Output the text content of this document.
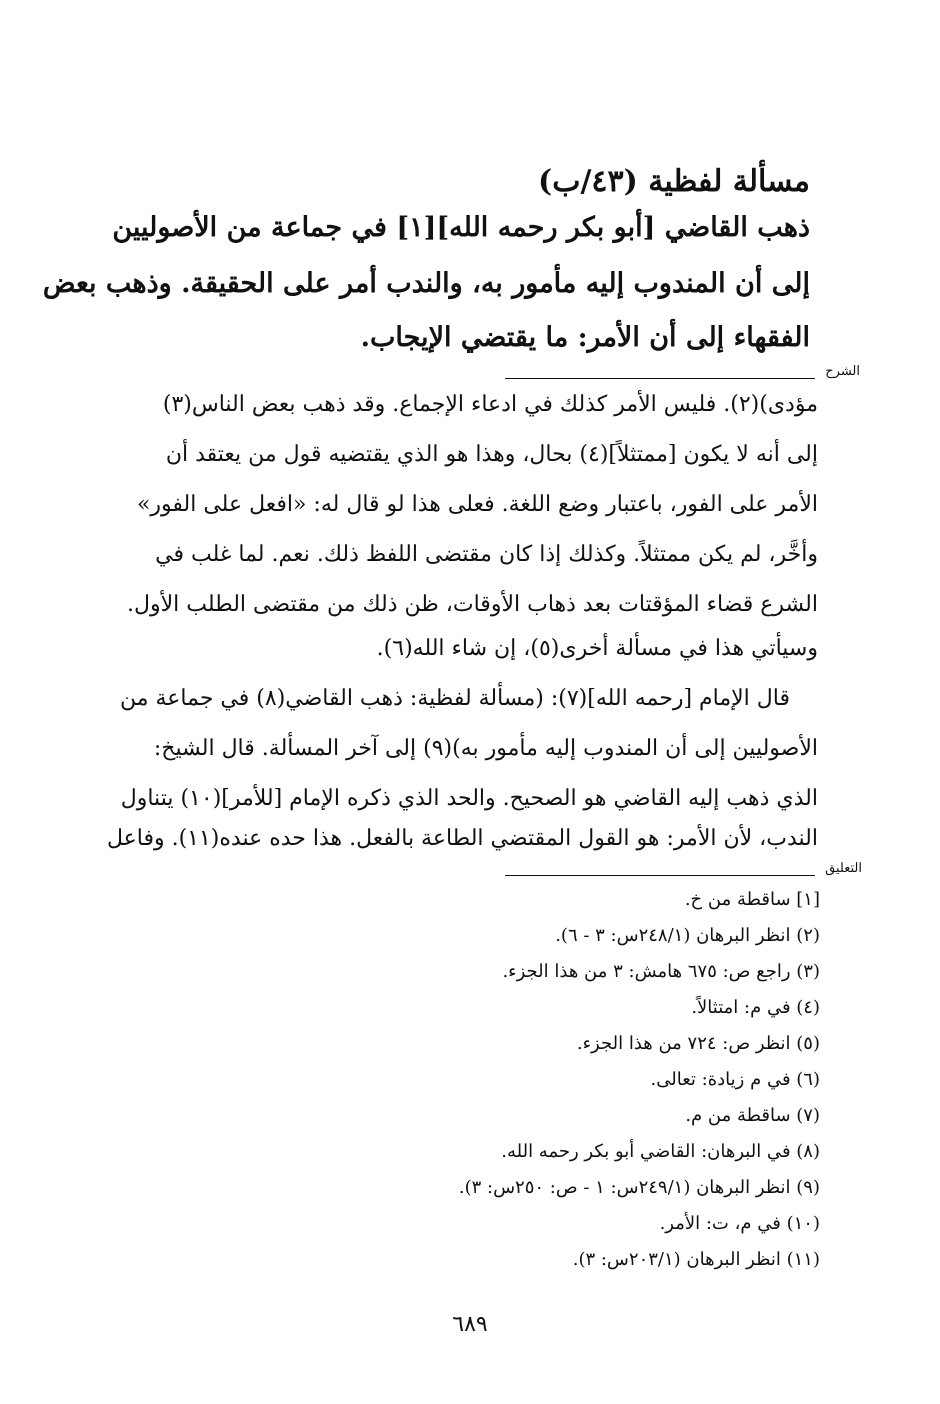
مسألة لفظية (٤٣/ب)
ذهب القاضي [أبو بكر رحمه الله][١] في جماعة من الأصوليين
إلى أن المندوب إليه مأمور به، والندب أمر على الحقيقة. وذهب بعض
الفقهاء إلى أن الأمر: ما يقتضي الإيجاب.
الشرح
مؤدى)(٢). فليس الأمر كذلك في ادعاء الإجماع. وقد ذهب بعض الناس(٣)
إلى أنه لا يكون [ممتثلاً](٤) بحال، وهذا هو الذي يقتضيه قول من يعتقد أن
الأمر على الفور، باعتبار وضع اللغة. فعلى هذا لو قال له: «افعل على الفور»
وأخَّر، لم يكن ممتثلاً. وكذلك إذا كان مقتضى اللفظ ذلك. نعم. لما غلب في
الشرع قضاء المؤقتات بعد ذهاب الأوقات، ظن ذلك من مقتضى الطلب الأول.
وسيأتي هذا في مسألة أخرى(٥)، إن شاء الله(٦).
قال الإمام [رحمه الله](٧): (مسألة لفظية: ذهب القاضي(٨) في جماعة من
الأصوليين إلى أن المندوب إليه مأمور به)(٩) إلى آخر المسألة. قال الشيخ:
الذي ذهب إليه القاضي هو الصحيح. والحد الذي ذكره الإمام [للأمر](١٠) يتناول
الندب، لأن الأمر: هو القول المقتضي الطاعة بالفعل. هذا حده عنده(١١). وفاعل
التعليق
[١] ساقطة من خ.
(٢) انظر البرهان (٢٤٨/١س: ٣ - ٦).
(٣) راجع ص: ٦٧٥ هامش: ٣ من هذا الجزء.
(٤) في م: امتثالاً.
(٥) انظر ص: ٧٢٤ من هذا الجزء.
(٦) في م زيادة: تعالى.
(٧) ساقطة من م.
(٨) في البرهان: القاضي أبو بكر رحمه الله.
(٩) انظر البرهان (٢٤٩/١س: ١ - ص: ٢٥٠س: ٣).
(١٠) في م، ت: الأمر.
(١١) انظر البرهان (٢٠٣/١س: ٣).
٦٨٩
